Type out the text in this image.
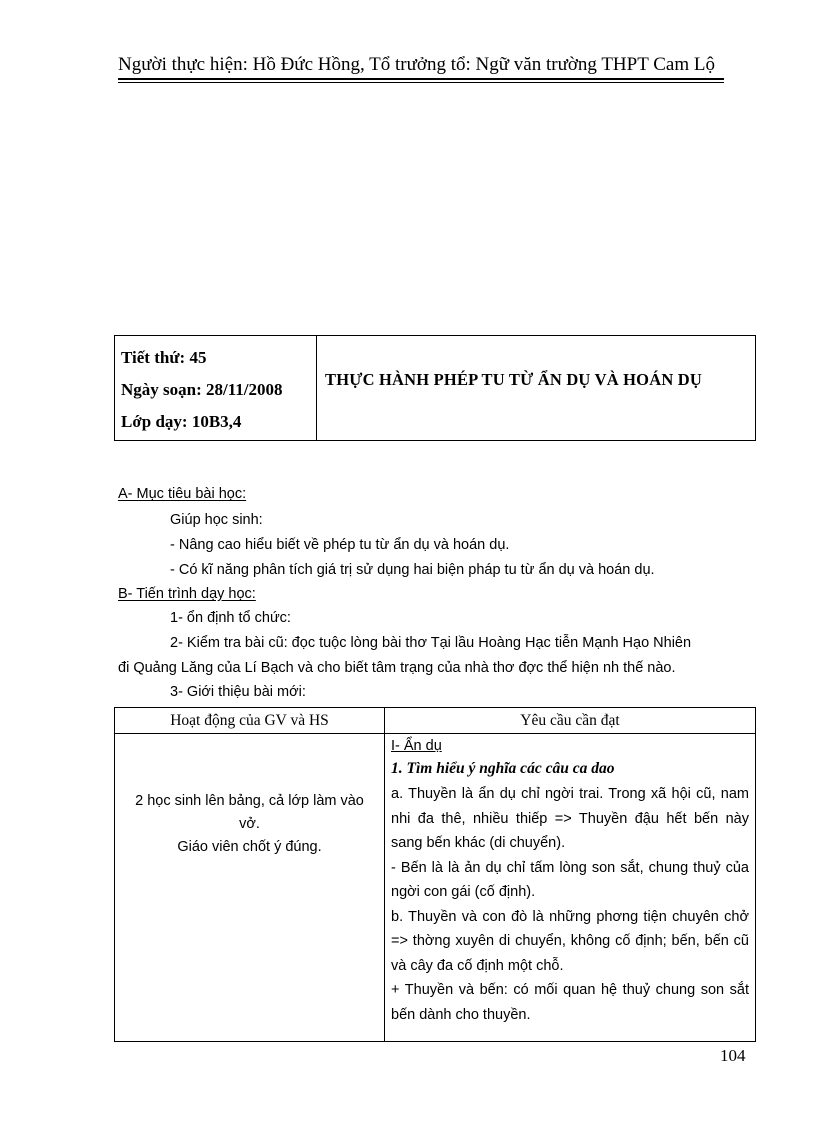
Người thực hiện: Hồ Đức Hồng, Tổ trưởng tổ: Ngữ văn trường THPT Cam Lộ
Tiết thứ: 45
Ngày soạn: 28/11/2008
Lớp dạy: 10B3,4
THỰC HÀNH PHÉP TU TỪ ẨN DỤ VÀ HOÁN DỤ
A- Mục tiêu bài học:
Giúp học sinh:
- Nâng cao hiểu biết về phép tu từ ẩn dụ và hoán dụ.
- Có kĩ năng phân tích giá trị sử dụng hai biện pháp tu từ ẩn dụ và hoán dụ.
B- Tiến trình dạy học:
1- ổn định tổ chức:
2- Kiểm tra bài cũ: đọc tuộc lòng bài thơ Tại lầu Hoàng Hạc tiễn Mạnh Hạo Nhiên
đi Quảng Lăng của Lí Bạch và cho biết tâm trạng của nhà thơ đợc thể hiện nh thế nào.
3- Giới thiệu bài mới:
Hoạt động của GV và HS	Yêu cầu cần đạt
2 học sinh lên bảng, cả lớp làm vào
vở.
Giáo viên chốt ý đúng.
I- Ẩn dụ
1. Tìm hiểu ý nghĩa các câu ca dao
a. Thuyền là ẩn dụ chỉ ngời trai. Trong xã hội cũ, nam nhi đa thê, nhiều thiếp => Thuyền đậu hết bến này sang bến khác (di chuyển).
- Bến là là ản dụ chỉ tấm lòng son sắt, chung thuỷ của ngời con gái (cố định).
b. Thuyền và con đò là những phơng tiện chuyên chở => thờng xuyên di chuyển, không cố định; bến, bến cũ và cây đa cố định một chỗ.
+ Thuyền và bến: có mối quan hệ thuỷ chung son sắt bến dành cho thuyền.
104
